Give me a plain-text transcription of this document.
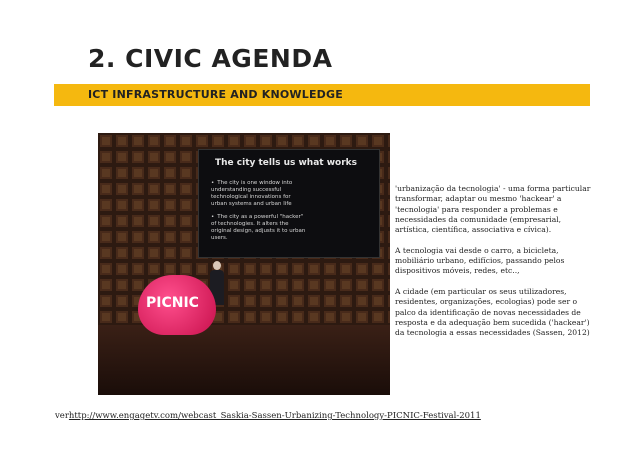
2. CIVIC AGENDA
ICT INFRASTRUCTURE AND KNOWLEDGE
The city tells us what works
• The city is one window into understanding successful technological innovations for urban systems and urban life
• The city as a powerful "hacker" of technologies. It alters the original design, adjusts it to urban users.
PICNIC

'urbanização da tecnologia' - uma forma particular transformar, adaptar ou mesmo 'hackear' a 'tecnologia' para responder a problemas e necessidades da comunidade (empresarial, artística, científica, associativa e cívica).

A tecnologia vai desde o carro, a bicicleta, mobiliário urbano, edifícios, passando pelos dispositivos móveis, redes, etc..,

A cidade (em particular os seus utilizadores, residentes, organizações, ecologias) pode ser o palco da identificação de novas necessidades de resposta e da adequação bem sucedida ('hackear') da tecnologia a essas necessidades (Sassen, 2012)

verhttp://www.engagetv.com/webcast_Saskia-Sassen-Urbanizing-Technology-PICNIC-Festival-2011
